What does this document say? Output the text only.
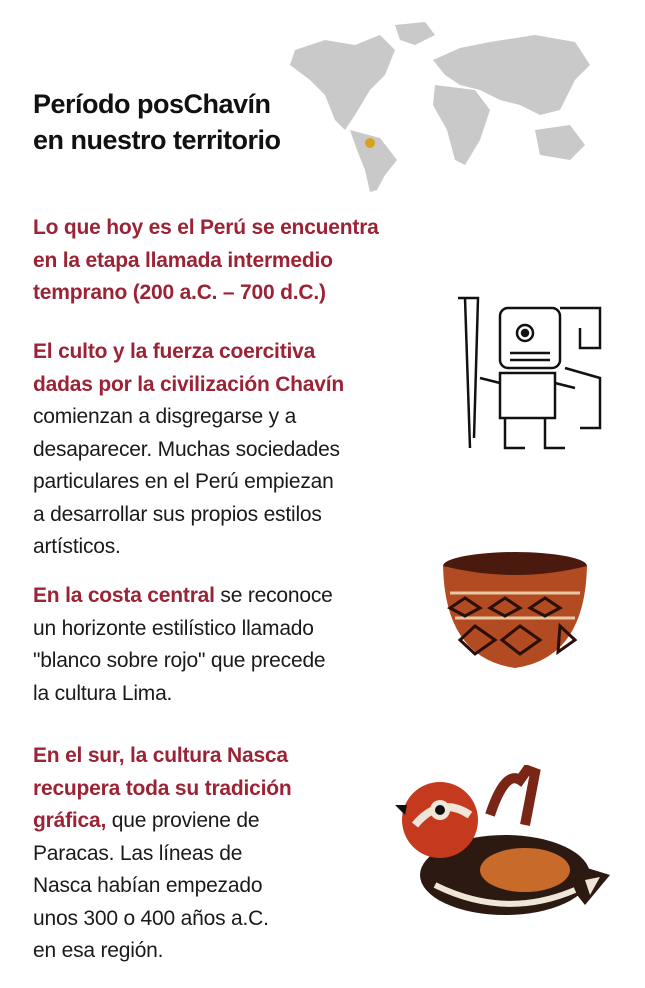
Período posChavín
en nuestro territorio
Lo que hoy es el Perú se encuentra
en la etapa llamada intermedio
temprano (200 a.C. – 700 d.C.)
El culto y la fuerza coercitiva
dadas por la civilización Chavín
comienzan a disgregarse y a
desaparecer. Muchas sociedades
particulares en el Perú empiezan
a desarrollar sus propios estilos
artísticos.
En la costa central se reconoce
un horizonte estilístico llamado
"blanco sobre rojo" que precede
la cultura Lima.
En el sur, la cultura Nasca
recupera toda su tradición
gráfica, que proviene de
Paracas. Las líneas de
Nasca habían empezado
unos 300 o 400 años a.C.
en esa región.
